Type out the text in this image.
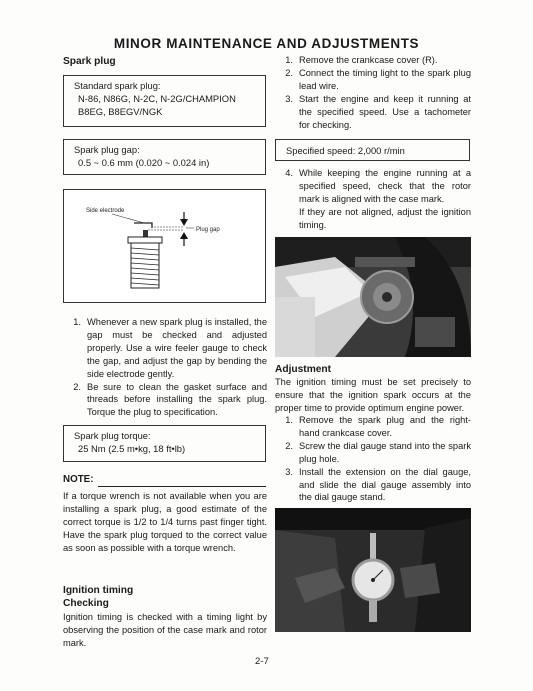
MINOR MAINTENANCE AND ADJUSTMENTS
Spark plug
Standard spark plug:
N-86, N86G, N-2C, N-2G/CHAMPION
B8EG, B8EGV/NGK
Spark plug gap:
0.5 ~ 0.6 mm (0.020 ~ 0.024 in)
Side electrode
Plug gap
1. Whenever a new spark plug is installed, the gap must be checked and adjusted properly. Use a wire feeler gauge to check the gap, and adjust the gap by bending the side electrode gently.
2. Be sure to clean the gasket surface and threads before installing the spark plug. Torque the plug to specification.
Spark plug torque:
25 Nm (2.5 m•kg, 18 ft•lb)
NOTE:
If a torque wrench is not available when you are installing a spark plug, a good estimate of the correct torque is 1/2 to 1/4 turns past finger tight. Have the spark plug torqued to the correct value as soon as possible with a torque wrench.
Ignition timing
Checking
Ignition timing is checked with a timing light by observing the position of the case mark and rotor mark.
1. Remove the crankcase cover (R).
2. Connect the timing light to the spark plug lead wire.
3. Start the engine and keep it running at the specified speed. Use a tachometer for checking.
Specified speed: 2,000 r/min
4. While keeping the engine running at a specified speed, check that the rotor mark is aligned with the case mark.
If they are not aligned, adjust the ignition timing.
Adjustment
The ignition timing must be set precisely to ensure that the ignition spark occurs at the proper time to provide optimum engine power.
1. Remove the spark plug and the right-hand crankcase cover.
2. Screw the dial gauge stand into the spark plug hole.
3. Install the extension on the dial gauge, and slide the dial gauge assembly into the dial gauge stand.
2-7
